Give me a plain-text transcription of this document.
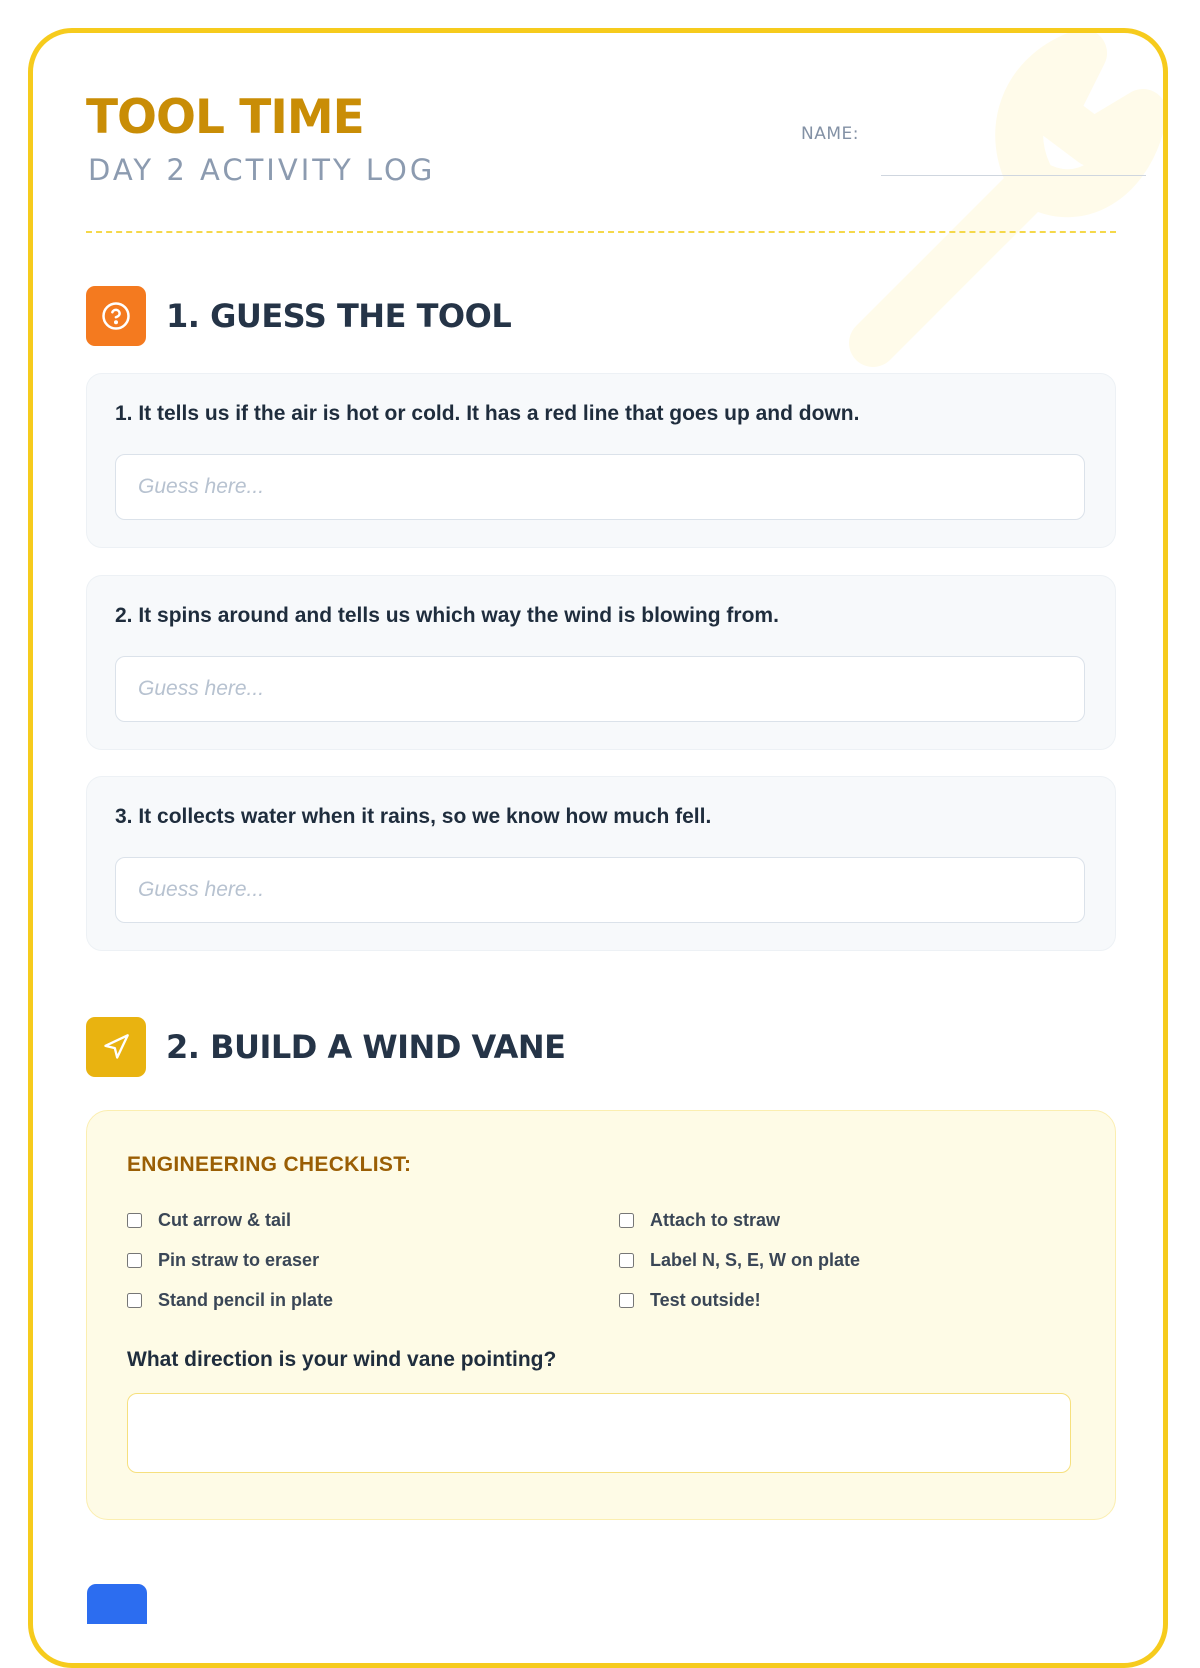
TOOL TIME
DAY 2 ACTIVITY LOG
NAME:
1. GUESS THE TOOL
1. It tells us if the air is hot or cold. It has a red line that goes up and down.
Guess here...
2. It spins around and tells us which way the wind is blowing from.
Guess here...
3. It collects water when it rains, so we know how much fell.
Guess here...
2. BUILD A WIND VANE
ENGINEERING CHECKLIST:
Cut arrow & tail	Attach to straw
Pin straw to eraser	Label N, S, E, W on plate
Stand pencil in plate	Test outside!
What direction is your wind vane pointing?
